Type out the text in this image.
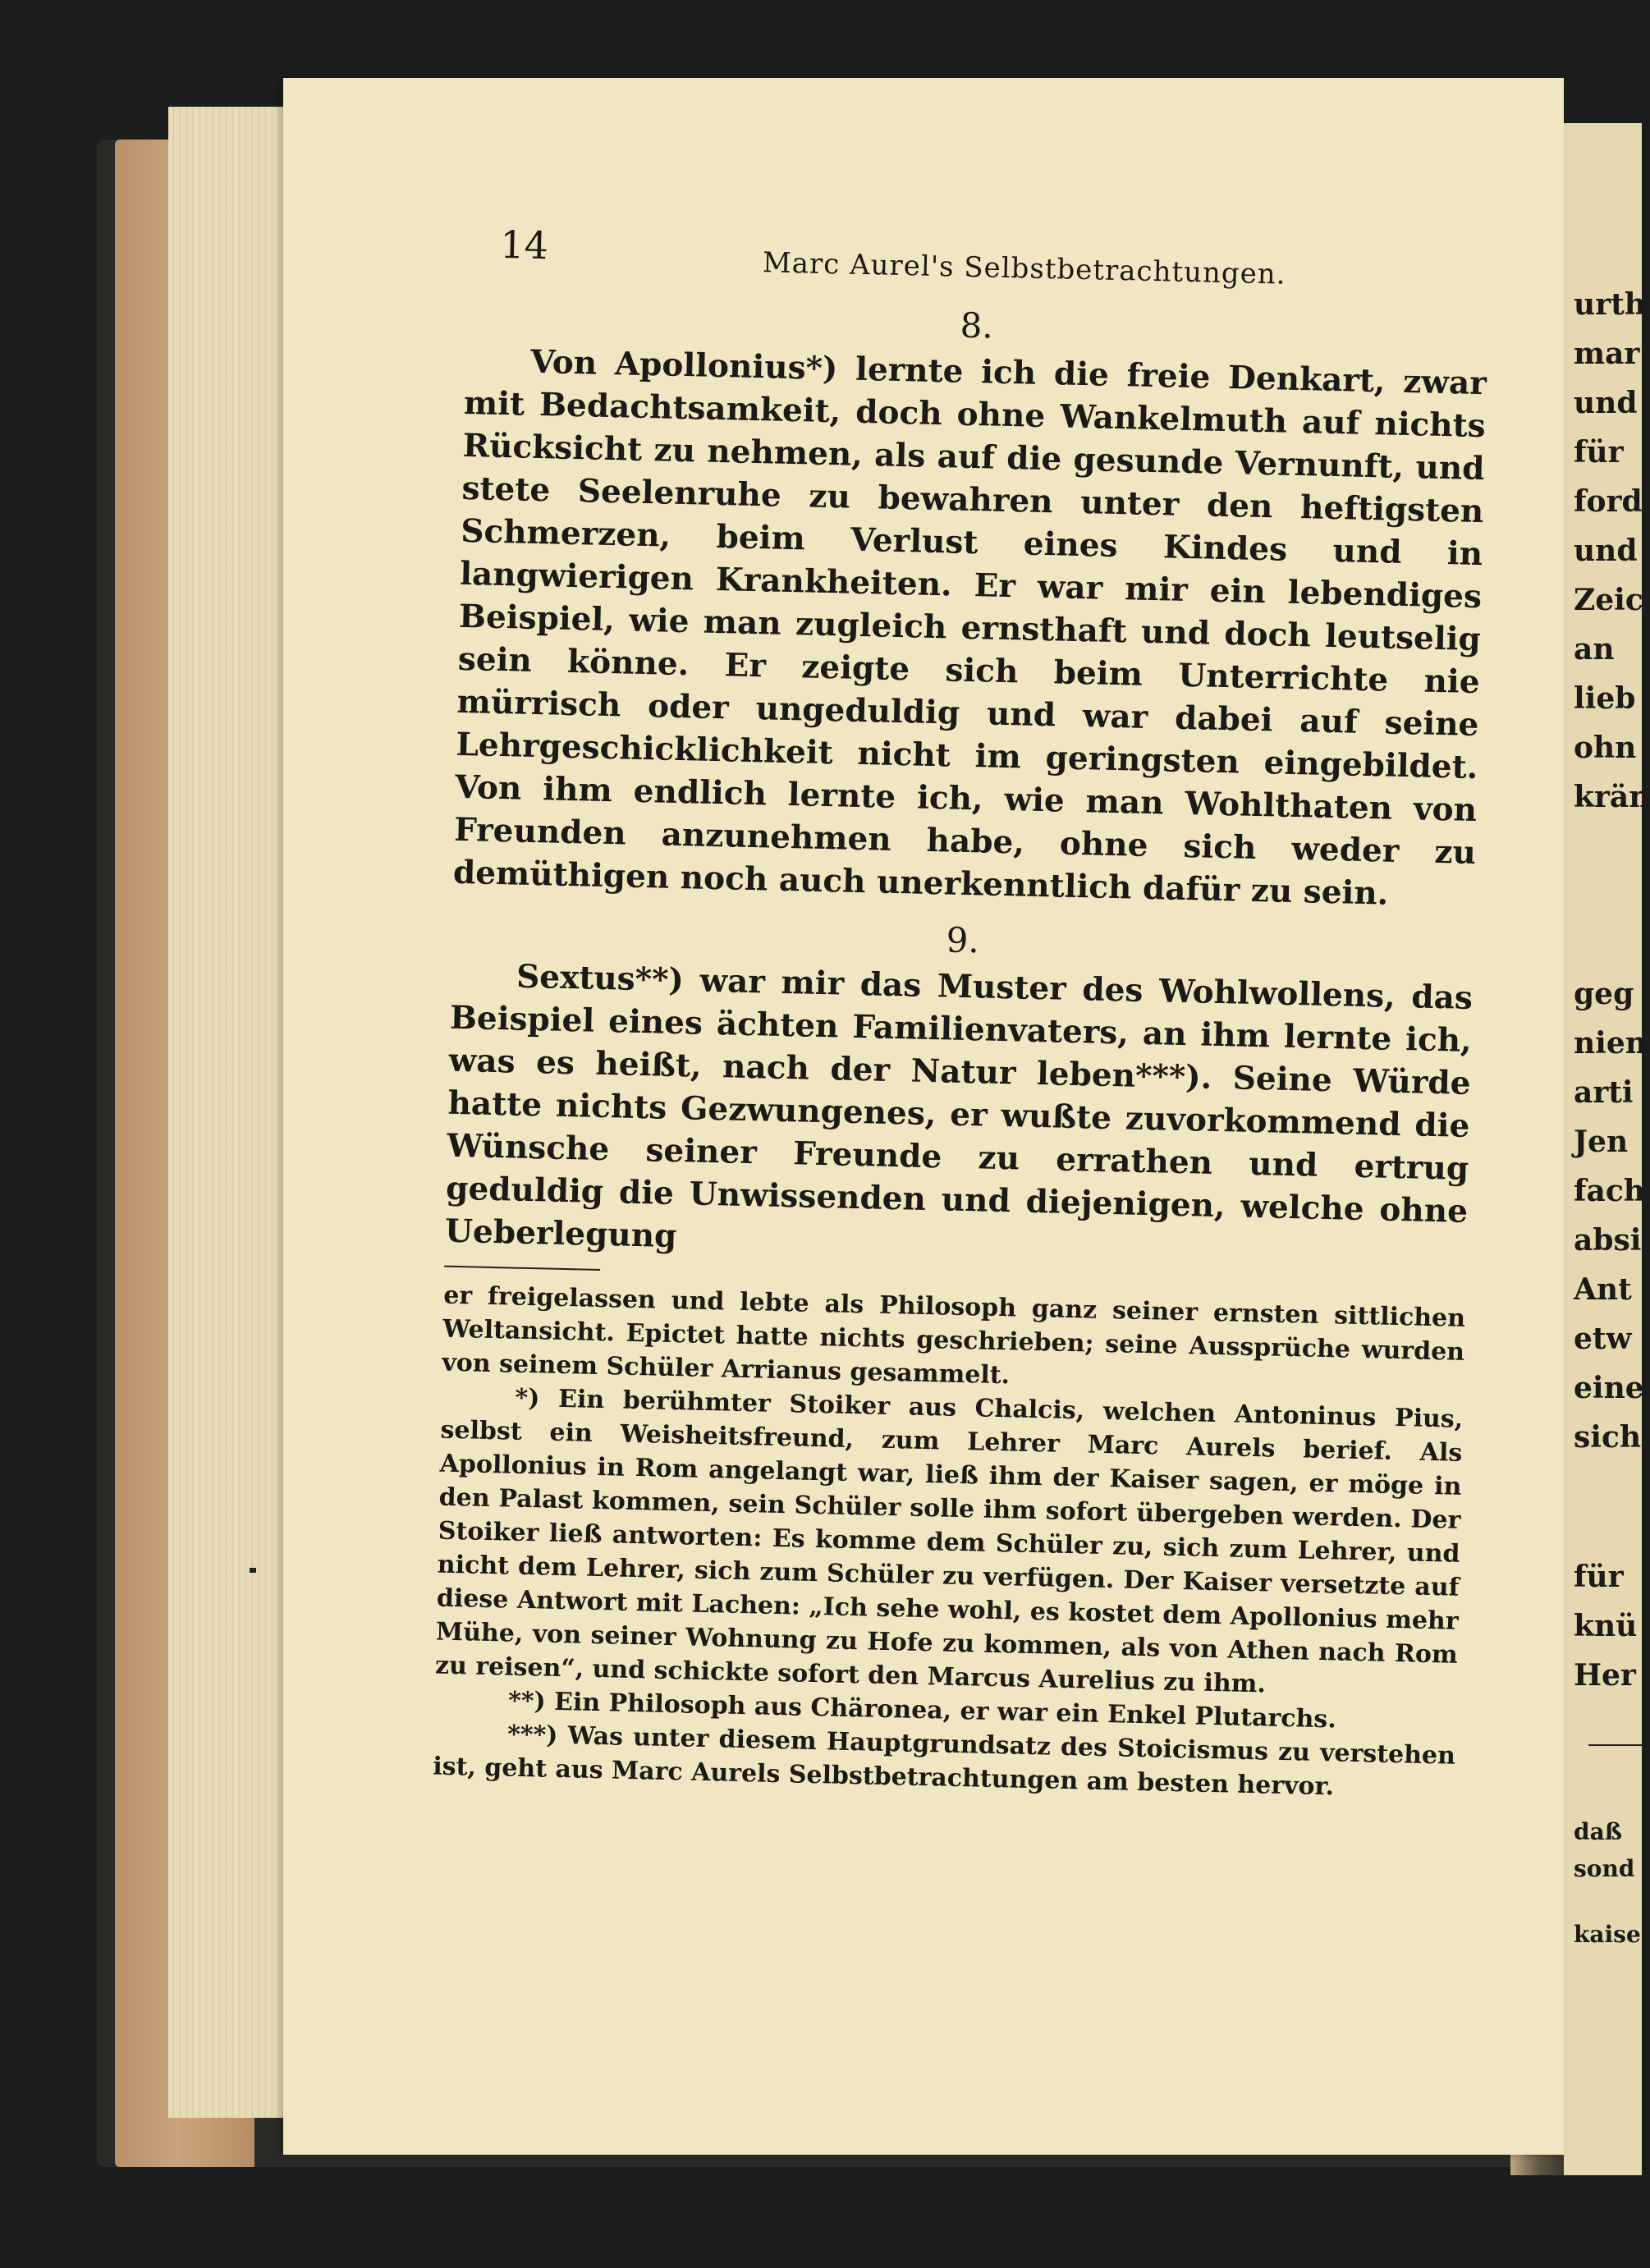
14

Marc Aurel's Selbstbetrachtungen.

8.

Von Apollonius*) lernte ich die freie Denkart, zwar mit Bedachtsamkeit, doch ohne Wankelmuth auf nichts Rücksicht zu nehmen, als auf die gesunde Vernunft, und stete Seelenruhe zu bewahren unter den heftigsten Schmerzen, beim Verlust eines Kindes und in langwierigen Krankheiten. Er war mir ein lebendiges Beispiel, wie man zugleich ernsthaft und doch leutselig sein könne. Er zeigte sich beim Unterrichte nie mürrisch oder ungeduldig und war dabei auf seine Lehrgeschicklichkeit nicht im geringsten eingebildet. Von ihm endlich lernte ich, wie man Wohlthaten von Freunden anzunehmen habe, ohne sich weder zu demüthigen noch auch unerkenntlich dafür zu sein.

9.

Sextus**) war mir das Muster des Wohlwollens, das Beispiel eines ächten Familienvaters, an ihm lernte ich, was es heißt, nach der Natur leben***). Seine Würde hatte nichts Gezwungenes, er wußte zuvorkommend die Wünsche seiner Freunde zu errathen und ertrug geduldig die Unwissenden und diejenigen, welche ohne Ueberlegung

er freigelassen und lebte als Philosoph ganz seiner ernsten sittlichen Weltansicht. Epictet hatte nichts geschrieben; seine Aussprüche wurden von seinem Schüler Arrianus gesammelt.

*) Ein berühmter Stoiker aus Chalcis, welchen Antoninus Pius, selbst ein Weisheitsfreund, zum Lehrer Marc Aurels berief. Als Apollonius in Rom angelangt war, ließ ihm der Kaiser sagen, er möge in den Palast kommen, sein Schüler solle ihm sofort übergeben werden. Der Stoiker ließ antworten: Es komme dem Schüler zu, sich zum Lehrer, und nicht dem Lehrer, sich zum Schüler zu verfügen. Der Kaiser versetzte auf diese Antwort mit Lachen: „Ich sehe wohl, es kostet dem Apollonius mehr Mühe, von seiner Wohnung zu Hofe zu kommen, als von Athen nach Rom zu reisen“, und schickte sofort den Marcus Aurelius zu ihm.

**) Ein Philosoph aus Chäronea, er war ein Enkel Plutarchs.

***) Was unter diesem Hauptgrundsatz des Stoicismus zu verstehen ist, geht aus Marc Aurels Selbstbetrachtungen am besten hervor.

urth

mar

und

für

ford

und

Zeic

an

lieb

ohn

krän

geg

nien

arti

Jen

fach

absi

Ant

etw

eine

sich

für

knü

Her

daß

sond

kaise
